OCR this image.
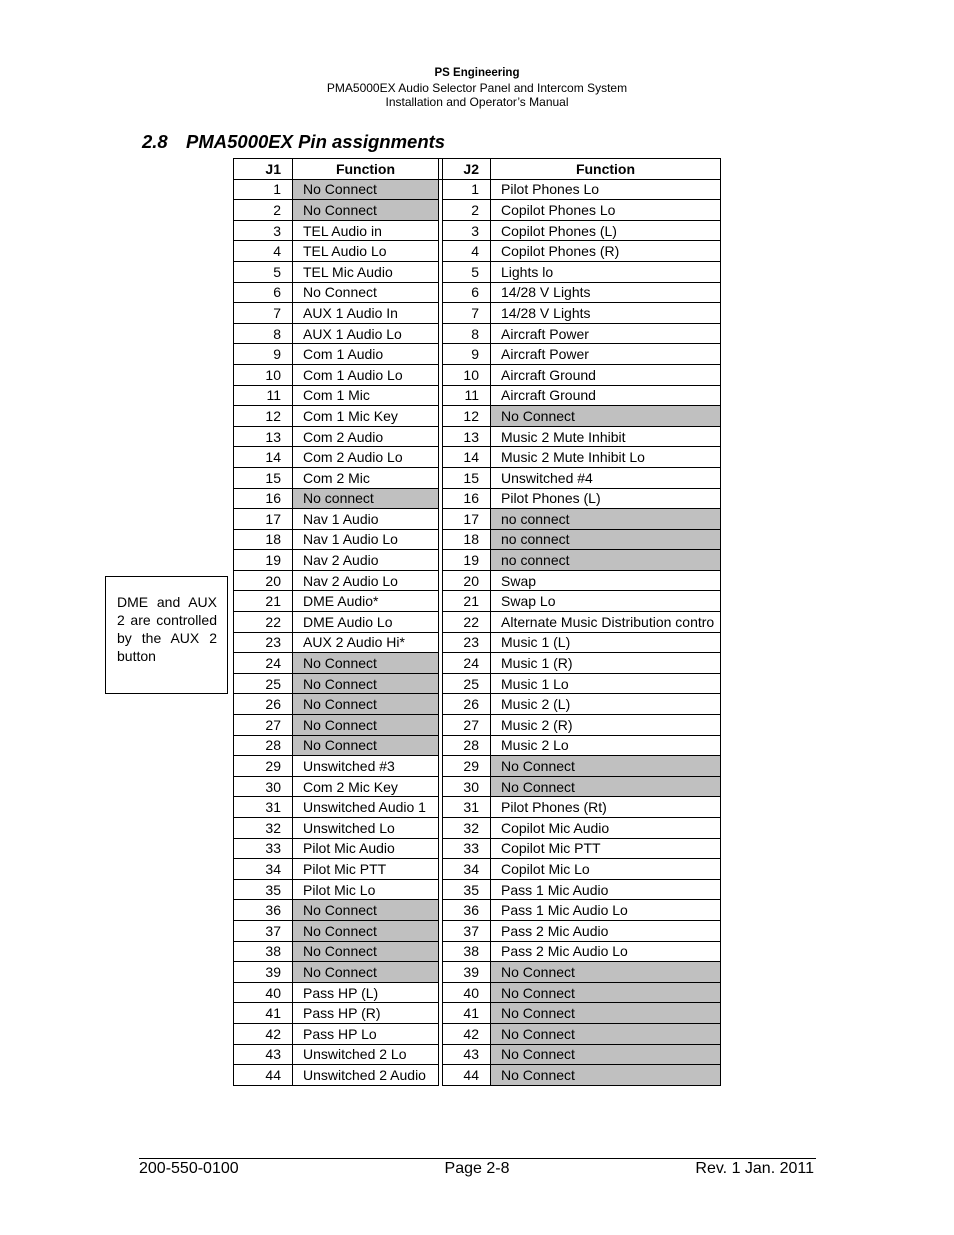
PS Engineering
PMA5000EX Audio Selector Panel and Intercom System
Installation and Operator’s Manual
2.8 PMA5000EX Pin assignments
J1	Function		J2	Function
1	No Connect		1	Pilot Phones Lo
2	No Connect		2	Copilot Phones Lo
3	TEL Audio in		3	Copilot Phones (L)
4	TEL Audio Lo		4	Copilot Phones (R)
5	TEL Mic Audio		5	Lights lo
6	No Connect		6	14/28 V Lights
7	AUX 1 Audio In		7	14/28 V Lights
8	AUX 1 Audio Lo		8	Aircraft Power
9	Com 1 Audio		9	Aircraft Power
10	Com 1 Audio Lo		10	Aircraft Ground
11	Com 1 Mic		11	Aircraft Ground
12	Com 1 Mic Key		12	No Connect
13	Com 2 Audio		13	Music 2 Mute Inhibit
14	Com 2 Audio Lo		14	Music 2 Mute Inhibit Lo
15	Com 2 Mic		15	Unswitched #4
16	No connect		16	Pilot Phones (L)
17	Nav 1 Audio		17	no connect
18	Nav 1 Audio Lo		18	no connect
19	Nav 2 Audio		19	no connect
20	Nav 2 Audio Lo		20	Swap
21	DME Audio*		21	Swap Lo
22	DME Audio Lo		22	Alternate Music Distribution contro
23	AUX 2 Audio Hi*		23	Music 1 (L)
24	No Connect		24	Music 1 (R)
25	No Connect		25	Music 1 Lo
26	No Connect		26	Music 2 (L)
27	No Connect		27	Music 2 (R)
28	No Connect		28	Music 2 Lo
29	Unswitched #3		29	No Connect
30	Com 2 Mic Key		30	No Connect
31	Unswitched Audio 1		31	Pilot Phones (Rt)
32	Unswitched Lo		32	Copilot Mic Audio
33	Pilot Mic Audio		33	Copilot Mic PTT
34	Pilot Mic PTT		34	Copilot Mic Lo
35	Pilot Mic Lo		35	Pass 1 Mic Audio
36	No Connect		36	Pass 1 Mic Audio Lo
37	No Connect		37	Pass 2 Mic Audio
38	No Connect		38	Pass 2 Mic Audio Lo
39	No Connect		39	No Connect
40	Pass HP (L)		40	No Connect
41	Pass HP (R)		41	No Connect
42	Pass HP Lo		42	No Connect
43	Unswitched 2 Lo		43	No Connect
44	Unswitched 2 Audio		44	No Connect
DME and AUX 2 are controlled by the AUX 2 button
200-550-0100	Page 2-8	Rev. 1 Jan. 2011
